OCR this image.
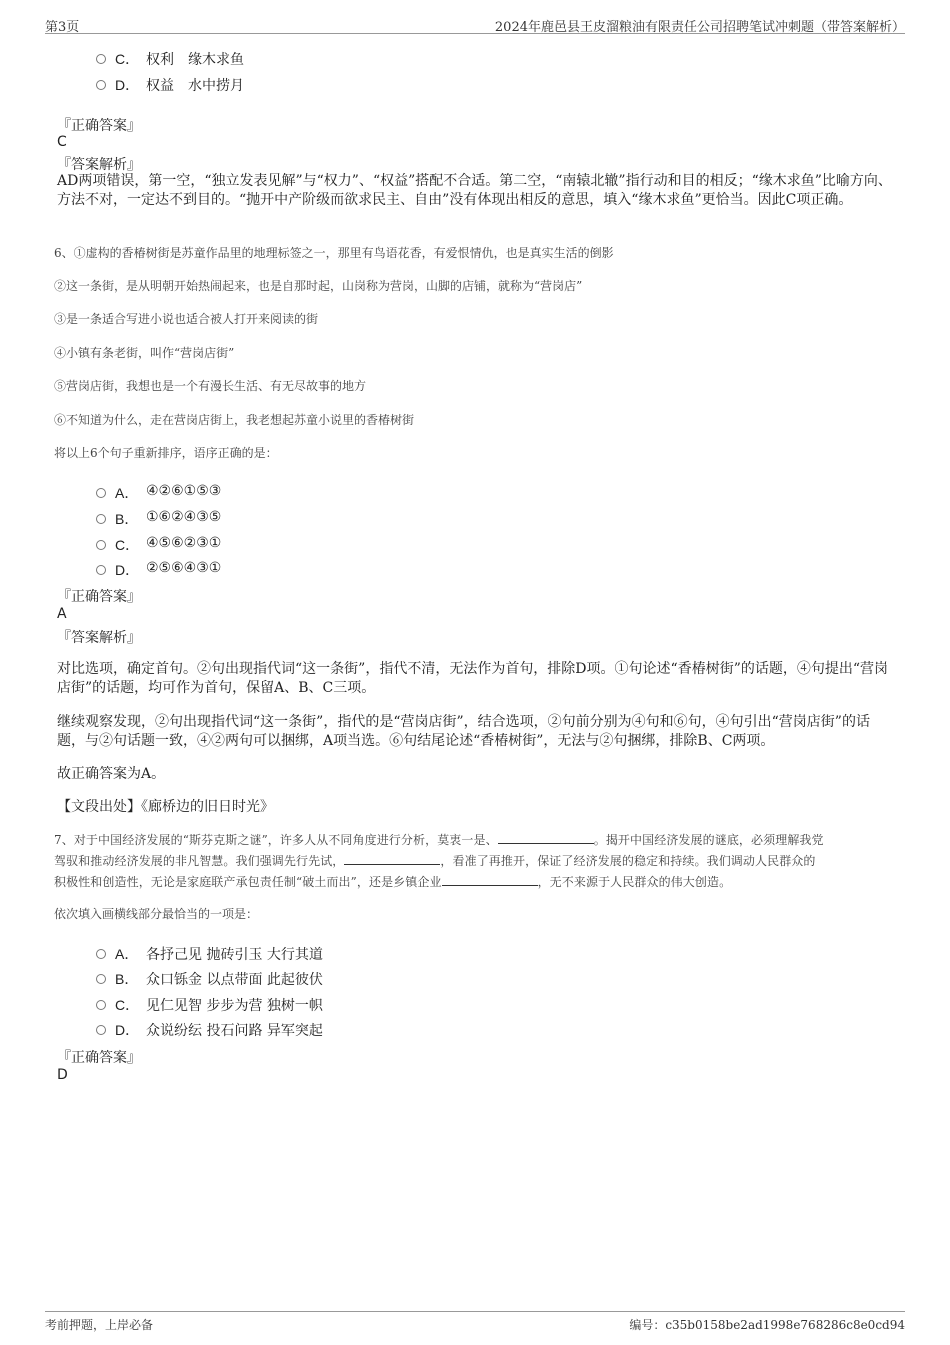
第3页	2024年鹿邑县王皮溜粮油有限责任公司招聘笔试冲刺题（带答案解析）
C． 权利　缘木求鱼
D． 权益　水中捞月
『正确答案』
C
『答案解析』
AD两项错误，第一空，“独立发表见解”与“权力”、“权益”搭配不合适。第二空，“南辕北辙”指行动和目的相反；“缘木求鱼”比喻方向、方法不对，一定达不到目的。“抛开中产阶级而欲求民主、自由”没有体现出相反的意思，填入“缘木求鱼”更恰当。因此C项正确。
6、①虚构的香椿树街是苏童作品里的地理标签之一，那里有鸟语花香，有爱恨情仇，也是真实生活的倒影
②这一条街，是从明朝开始热闹起来，也是自那时起，山岗称为营岗，山脚的店铺，就称为“营岗店”
③是一条适合写进小说也适合被人打开来阅读的街
④小镇有条老街，叫作“营岗店街”
⑤营岗店街，我想也是一个有漫长生活、有无尽故事的地方
⑥不知道为什么，走在营岗店街上，我老想起苏童小说里的香椿树街
将以上6个句子重新排序，语序正确的是：
A． ④②⑥①⑤③
B． ①⑥②④③⑤
C． ④⑤⑥②③①
D． ②⑤⑥④③①
『正确答案』
A
『答案解析』
对比选项，确定首句。②句出现指代词“这一条街”，指代不清，无法作为首句，排除D项。①句论述“香椿树街”的话题，④句提出“营岗店街”的话题，均可作为首句，保留A、B、C三项。
继续观察发现，②句出现指代词“这一条街”，指代的是“营岗店街”，结合选项，②句前分别为④句和⑥句，④句引出“营岗店街”的话题，与②句话题一致，④②两句可以捆绑，A项当选。⑥句结尾论述“香椿树街”，无法与②句捆绑，排除B、C两项。
故正确答案为A。
【文段出处】《廊桥边的旧日时光》
7、对于中国经济发展的“斯芬克斯之谜”，许多人从不同角度进行分析，莫衷一是、	。揭开中国经济发展的谜底，必须理解我党
驾驭和推动经济发展的非凡智慧。我们强调先行先试，	，看准了再推开，保证了经济发展的稳定和持续。我们调动人民群众的
积极性和创造性，无论是家庭联产承包责任制“破土而出”，还是乡镇企业	，无不来源于人民群众的伟大创造。
依次填入画横线部分最恰当的一项是：
A． 各抒己见 抛砖引玉 大行其道
B． 众口铄金 以点带面 此起彼伏
C． 见仁见智 步步为营 独树一帜
D． 众说纷纭 投石问路 异军突起
『正确答案』
D
考前押题，上岸必备	编号：c35b0158be2ad1998e768286c8e0cd94
